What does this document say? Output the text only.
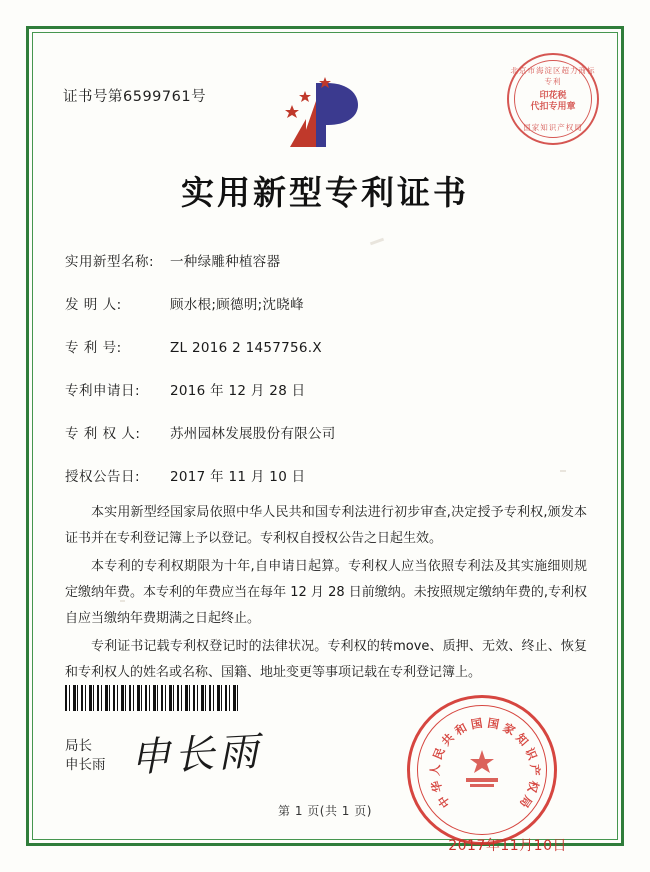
证书号第6599761号
北京市海淀区超力商标专利
印花税
代扣专用章
国家知识产权局
实用新型专利证书
实用新型名称:	一种绿雕种植容器
发 明 人:	顾水根;顾德明;沈晓峰
专 利 号:	ZL 2016 2 1457756.X
专利申请日:	2016 年 12 月 28 日
专 利 权 人:	苏州园林发展股份有限公司
授权公告日:	2017 年 11 月 10 日

本实用新型经国家局依照中华人民共和国专利法进行初步审查,决定授予专利权,颁发本证书并在专利登记簿上予以登记。专利权自授权公告之日起生效。

本专利的专利权期限为十年,自申请日起算。专利权人应当依照专利法及其实施细则规定缴纳年费。本专利的年费应当在每年 12 月 28 日前缴纳。未按照规定缴纳年费的,专利权自应当缴纳年费期满之日起终止。

专利证书记载专利权登记时的法律状况。专利权的转move、质押、无效、终止、恢复和专利权人的姓名或名称、国籍、地址变更等事项记载在专利登记簿上。

局长
申长雨 申长雨
中
华
人
民
共
和 国 国 家
知
识
产
权
局
2017年11月10日
第 1 页(共 1 页)
